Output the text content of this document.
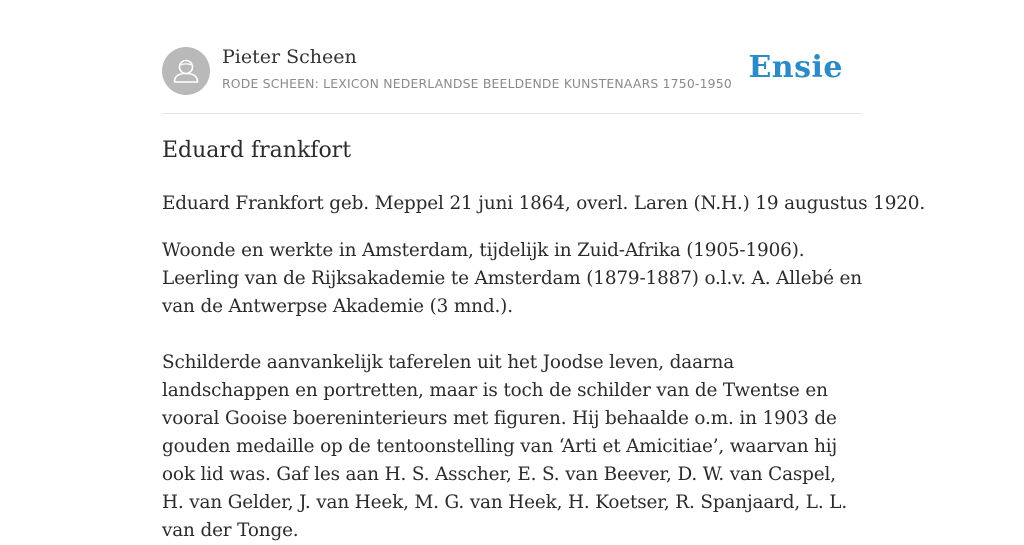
Pieter Scheen
RODE SCHEEN: LEXICON NEDERLANDSE BEELDENDE KUNSTENAARS 1750-1950 Ensie
Eduard frankfort

Eduard Frankfort geb. Meppel 21 juni 1864, overl. Laren (N.H.) 19 augustus 1920.

Woonde en werkte in Amsterdam, tijdelijk in Zuid-Afrika (1905-1906). Leerling van de Rijksakademie te Amsterdam (1879-1887) o.l.v. A. Allebé en van de Antwerpse Akademie (3 mnd.).

Schilderde aanvankelijk taferelen uit het Joodse leven, daarna landschappen en portretten, maar is toch de schilder van de Twentse en vooral Gooise boereninterieurs met figuren. Hij behaalde o.m. in 1903 de gouden medaille op de tentoonstelling van ‘Arti et Amicitiae’, waarvan hij ook lid was. Gaf les aan H. S. Asscher, E. S. van Beever, D. W. van Caspel, H. van Gelder, J. van Heek, M. G. van Heek, H. Koetser, R. Spanjaard, L. L. van der Tonge.
